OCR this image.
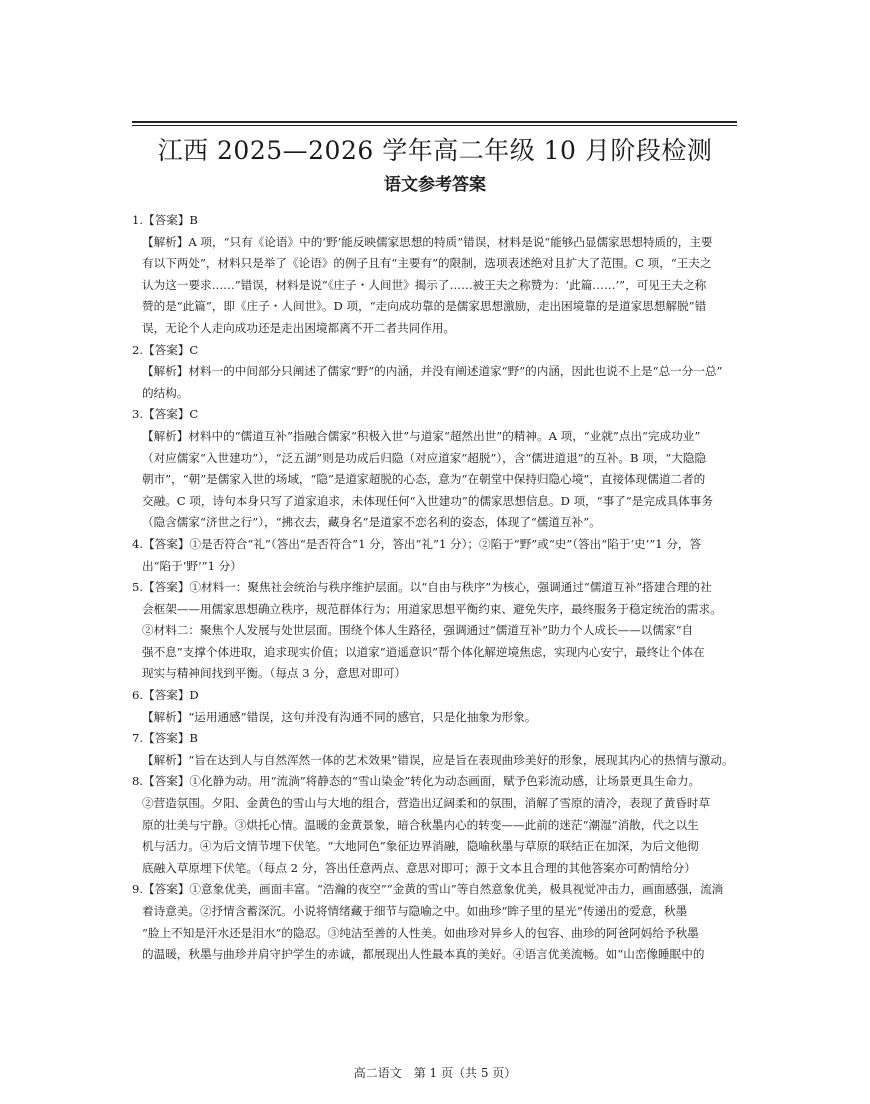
江西 2025—2026 学年高二年级 10 月阶段检测
语文参考答案
1.【答案】B
【解析】A 项，“只有《论语》中的‘野’能反映儒家思想的特质”错误，材料是说“能够凸显儒家思想特质的，主要
有以下两处”，材料只是举了《论语》的例子且有“主要有”的限制，选项表述绝对且扩大了范围。C 项，“王夫之
认为这一要求……”错误，材料是说“《庄子・人间世》揭示了……被王夫之称赞为：‘此篇……’”，可见王夫之称
赞的是“此篇”，即《庄子・人间世》。D 项，“走向成功靠的是儒家思想激励，走出困境靠的是道家思想解脱”错
误，无论个人走向成功还是走出困境都离不开二者共同作用。
2.【答案】C
【解析】材料一的中间部分只阐述了儒家“野”的内涵，并没有阐述道家“野”的内涵，因此也说不上是“总一分一总”
的结构。
3.【答案】C
【解析】材料中的“儒道互补”指融合儒家“积极入世”与道家“超然出世”的精神。A 项，“业就”点出“完成功业”
（对应儒家“入世建功”），“泛五湖”则是功成后归隐（对应道家“超脱”），含“儒进道退”的互补。B 项，“大隐隐
朝市”，“朝”是儒家入世的场域，“隐”是道家超脱的心态，意为“在朝堂中保持归隐心境”，直接体现儒道二者的
交融。C 项，诗句本身只写了道家追求，未体现任何“入世建功”的儒家思想信息。D 项，“事了”是完成具体事务
（隐含儒家“济世之行”），“拂衣去，藏身名”是道家不恋名利的姿态，体现了“儒道互补”。
4.【答案】①是否符合“礼”（答出“是否符合”1 分，答出“礼”1 分）；②陷于“野”或“史”（答出“陷于‘史’”1 分，答
出“陷于‘野’”1 分）
5.【答案】①材料一：聚焦社会统治与秩序维护层面。以“自由与秩序”为核心，强调通过“儒道互补”搭建合理的社
会框架——用儒家思想确立秩序，规范群体行为；用道家思想平衡约束、避免失序，最终服务于稳定统治的需求。
②材料二：聚焦个人发展与处世层面。围绕个体人生路径，强调通过“儒道互补”助力个人成长——以儒家“自
强不息”支撑个体进取，追求现实价值；以道家“逍遥意识”帮个体化解逆境焦虑，实现内心安宁，最终让个体在
现实与精神间找到平衡。（每点 3 分，意思对即可）
6.【答案】D
【解析】“运用通感”错误，这句并没有沟通不同的感官，只是化抽象为形象。
7.【答案】B
【解析】“旨在达到人与自然浑然一体的艺术效果”错误，应是旨在表现曲珍美好的形象，展现其内心的热情与激动。
8.【答案】①化静为动。用“流淌”将静态的“雪山染金”转化为动态画面，赋予色彩流动感，让场景更具生命力。
②营造氛围。夕阳、金黄色的雪山与大地的组合，营造出辽阔柔和的氛围，消解了雪原的清冷，表现了黄昏时草
原的壮美与宁静。③烘托心情。温暖的金黄景象，暗合秋墨内心的转变——此前的迷茫“潮湿”消散，代之以生
机与活力。④为后文情节埋下伏笔。“大地同色”象征边界消融，隐喻秋墨与草原的联结正在加深，为后文他彻
底融入草原埋下伏笔。（每点 2 分，答出任意两点、意思对即可；源于文本且合理的其他答案亦可酌情给分）
9.【答案】①意象优美，画面丰富。“浩瀚的夜空”“金黄的雪山”等自然意象优美，极具视觉冲击力，画面感强，流淌
着诗意美。②抒情含蓄深沉。小说将情绪藏于细节与隐喻之中。如曲珍“眸子里的星光”传递出的爱意，秋墨
“脸上不知是汗水还是泪水”的隐忍。③纯洁至善的人性美。如曲珍对异乡人的包容、曲珍的阿爸阿妈给予秋墨
的温暖，秋墨与曲珍并肩守护学生的赤诚，都展现出人性最本真的美好。④语言优美流畅。如“山峦像睡眠中的
高二语文　第 1 页（共 5 页）
